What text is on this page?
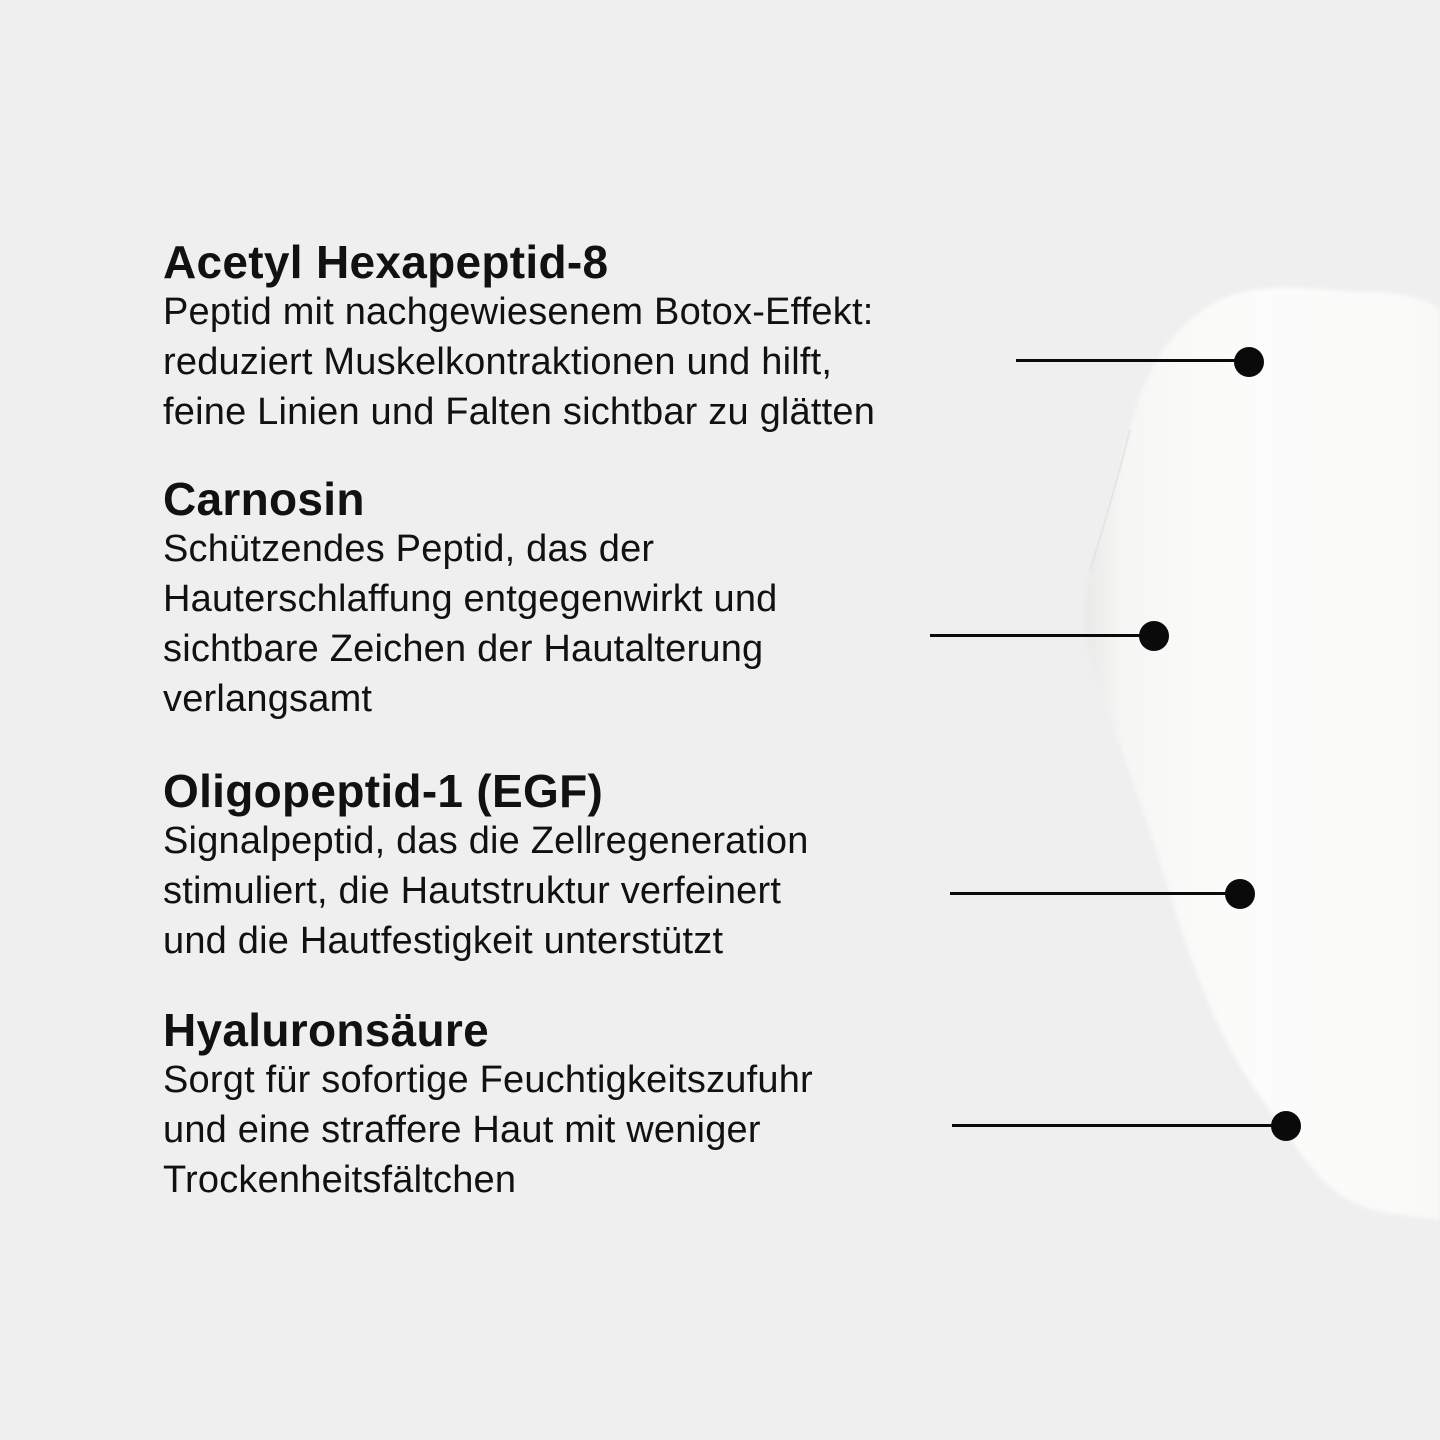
Acetyl Hexapeptid-8

Peptid mit nachgewiesenem Botox-Effekt:

reduziert Muskelkontraktionen und hilft,

feine Linien und Falten sichtbar zu glätten

Carnosin

Schützendes Peptid, das der

Hauterschlaffung entgegenwirkt und

sichtbare Zeichen der Hautalterung

verlangsamt

Oligopeptid-1 (EGF)

Signalpeptid, das die Zellregeneration

stimuliert, die Hautstruktur verfeinert

und die Hautfestigkeit unterstützt

Hyaluronsäure

Sorgt für sofortige Feuchtigkeitszufuhr

und eine straffere Haut mit weniger

Trockenheitsfältchen
